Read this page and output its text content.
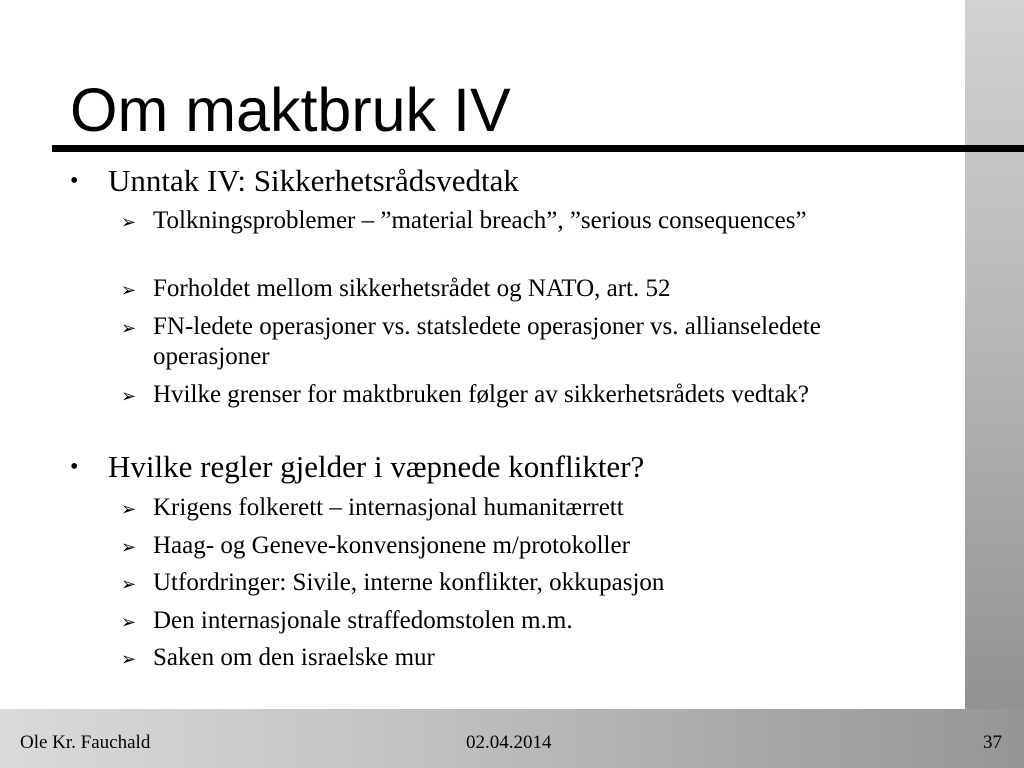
Om maktbruk IV
• Unntak IV: Sikkerhetsrådsvedtak
➢ Tolkningsproblemer – ”material breach”, ”serious consequences”
➢ Forholdet mellom sikkerhetsrådet og NATO, art. 52
➢ FN-ledete operasjoner vs. statsledete operasjoner vs. allianseledete operasjoner
➢ Hvilke grenser for maktbruken følger av sikkerhetsrådets vedtak?
• Hvilke regler gjelder i væpnede konflikter?
➢ Krigens folkerett – internasjonal humanitærrett
➢ Haag- og Geneve-konvensjonene m/protokoller
➢ Utfordringer: Sivile, interne konflikter, okkupasjon
➢ Den internasjonale straffedomstolen m.m.
➢ Saken om den israelske mur
Ole Kr. Fauchald	02.04.2014	37
